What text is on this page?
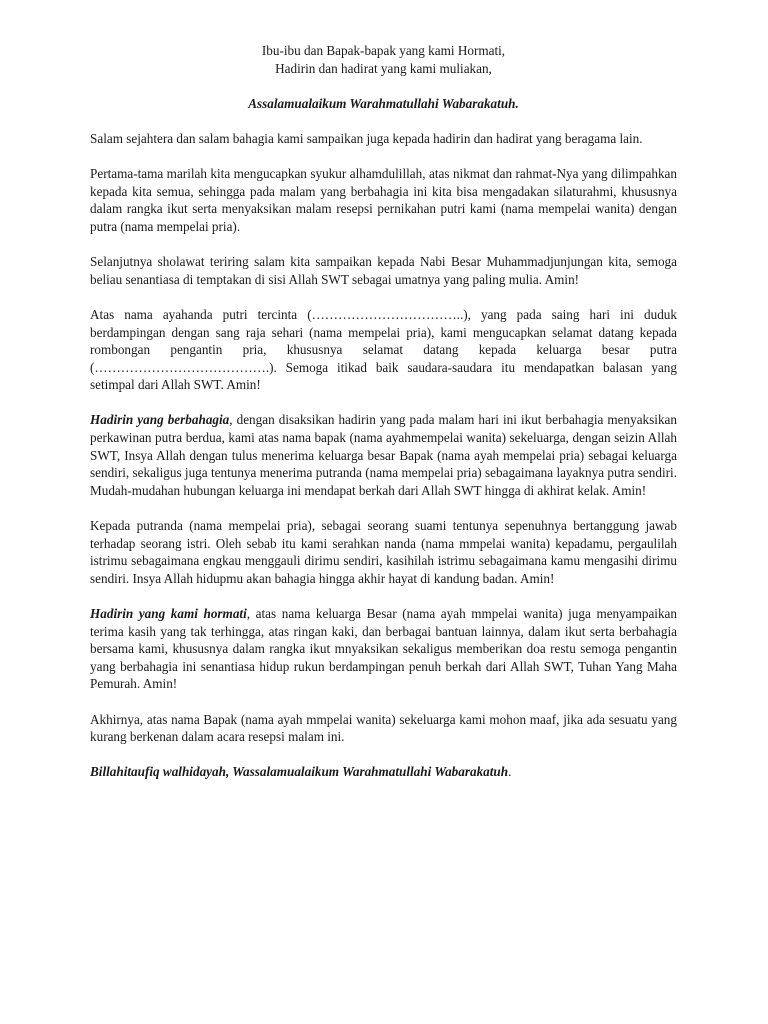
Ibu-ibu dan Bapak-bapak yang kami Hormati,

Hadirin dan hadirat yang kami muliakan,

Assalamualaikum Warahmatullahi Wabarakatuh.

Salam sejahtera dan salam bahagia kami sampaikan juga kepada hadirin dan hadirat yang beragama lain.

Pertama-tama marilah kita mengucapkan syukur alhamdulillah, atas nikmat dan rahmat-Nya yang dilimpahkan kepada kita semua, sehingga pada malam yang berbahagia ini kita bisa mengadakan silaturahmi, khususnya dalam rangka ikut serta menyaksikan malam resepsi pernikahan putri kami (nama mempelai wanita) dengan putra (nama mempelai pria).

Selanjutnya sholawat teriring salam kita sampaikan kepada Nabi Besar Muhammadjunjungan kita, semoga beliau senantiasa di temptakan di sisi Allah SWT sebagai umatnya yang paling mulia. Amin!

Atas nama ayahanda putri tercinta (……………………………..), yang pada saing hari ini duduk berdampingan dengan sang raja sehari (nama mempelai pria), kami mengucapkan selamat datang kepada rombongan pengantin pria, khususnya selamat datang kepada keluarga besar putra (………………………………….). Semoga itikad baik saudara-saudara itu mendapatkan balasan yang setimpal dari Allah SWT. Amin!

Hadirin yang berbahagia, dengan disaksikan hadirin yang pada malam hari ini ikut berbahagia menyaksikan perkawinan putra berdua, kami atas nama bapak (nama ayahmempelai wanita) sekeluarga, dengan seizin Allah SWT, Insya Allah dengan tulus menerima keluarga besar Bapak (nama ayah mempelai pria) sebagai keluarga sendiri, sekaligus juga tentunya menerima putranda (nama mempelai pria) sebagaimana layaknya putra sendiri. Mudah-mudahan hubungan keluarga ini mendapat berkah dari Allah SWT hingga di akhirat kelak. Amin!

Kepada putranda (nama mempelai pria), sebagai seorang suami tentunya sepenuhnya bertanggung jawab terhadap seorang istri. Oleh sebab itu kami serahkan nanda (nama mmpelai wanita) kepadamu, pergaulilah istrimu sebagaimana engkau menggauli dirimu sendiri, kasihilah istrimu sebagaimana kamu mengasihi dirimu sendiri. Insya Allah hidupmu akan bahagia hingga akhir hayat di kandung badan. Amin!

Hadirin yang kami hormati, atas nama keluarga Besar (nama ayah mmpelai wanita) juga menyampaikan terima kasih yang tak terhingga, atas ringan kaki, dan berbagai bantuan lainnya, dalam ikut serta berbahagia bersama kami, khususnya dalam rangka ikut mnyaksikan sekaligus memberikan doa restu semoga pengantin yang berbahagia ini senantiasa hidup rukun berdampingan penuh berkah dari Allah SWT, Tuhan Yang Maha Pemurah. Amin!

Akhirnya, atas nama Bapak (nama ayah mmpelai wanita) sekeluarga kami mohon maaf, jika ada sesuatu yang kurang berkenan dalam acara resepsi malam ini.

Billahitaufiq walhidayah, Wassalamualaikum Warahmatullahi Wabarakatuh.
